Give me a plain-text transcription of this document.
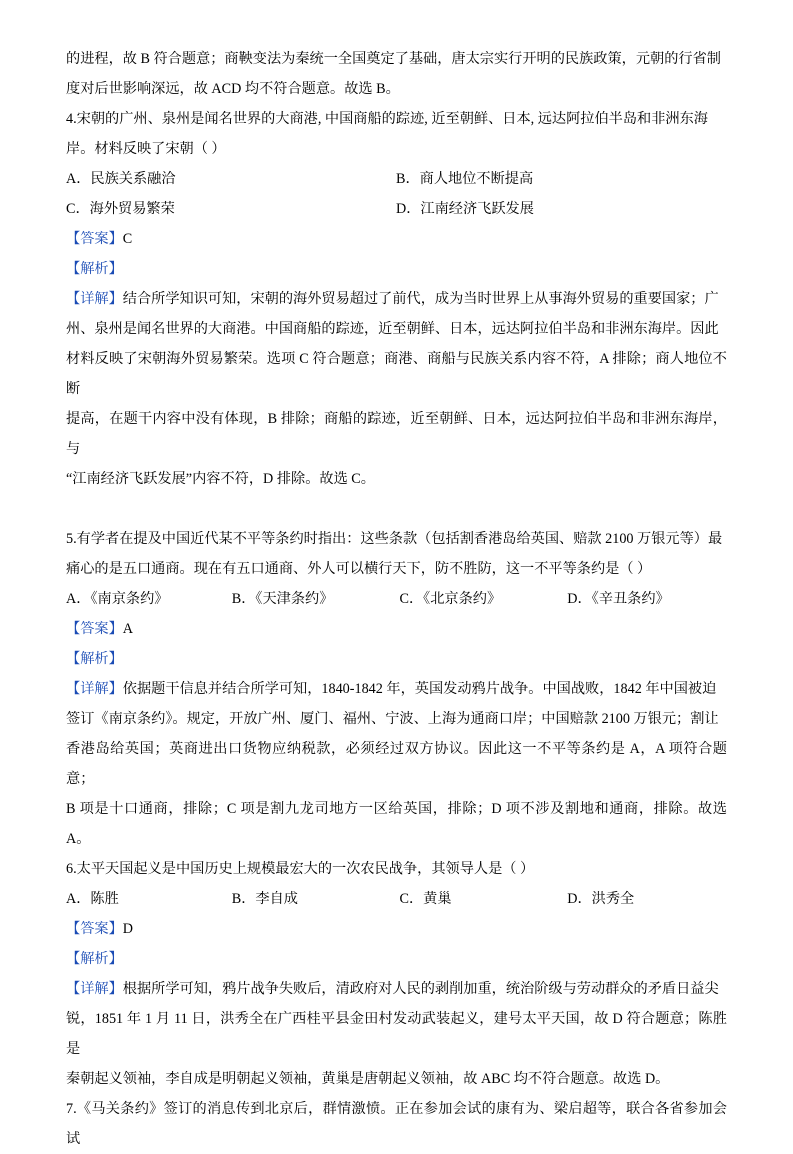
的进程，故 B 符合题意；商鞅变法为秦统一全国奠定了基础，唐太宗实行开明的民族政策，元朝的行省制
度对后世影响深远，故 ACD 均不符合题意。故选 B。
4.宋朝的广州、泉州是闻名世界的大商港, 中国商船的踪迹, 近至朝鲜、日本, 远达阿拉伯半岛和非洲东海
岸。材料反映了宋朝（ ）
A．民族关系融洽	B．商人地位不断提高
C．海外贸易繁荣	D．江南经济飞跃发展
【答案】C
【解析】
【详解】结合所学知识可知，宋朝的海外贸易超过了前代，成为当时世界上从事海外贸易的重要国家；广
州、泉州是闻名世界的大商港。中国商船的踪迹，近至朝鲜、日本，远达阿拉伯半岛和非洲东海岸。因此
材料反映了宋朝海外贸易繁荣。选项 C 符合题意；商港、商船与民族关系内容不符，A 排除；商人地位不断
提高，在题干内容中没有体现，B 排除；商船的踪迹，近至朝鲜、日本，远达阿拉伯半岛和非洲东海岸，与
“江南经济飞跃发展”内容不符，D 排除。故选 C。
5.有学者在提及中国近代某不平等条约时指出：这些条款（包括割香港岛给英国、赔款 2100 万银元等）最
痛心的是五口通商。现在有五口通商、外人可以横行天下，防不胜防，这一不平等条约是（ ）
A．《南京条约》	B．《天津条约》	C．《北京条约》	D．《辛丑条约》
【答案】A
【解析】
【详解】依据题干信息并结合所学可知，1840-1842 年，英国发动鸦片战争。中国战败，1842 年中国被迫
签订《南京条约》。规定，开放广州、厦门、福州、宁波、上海为通商口岸；中国赔款 2100 万银元；割让
香港岛给英国；英商进出口货物应纳税款，必须经过双方协议。因此这一不平等条约是 A，A 项符合题意；
B 项是十口通商，排除；C 项是割九龙司地方一区给英国，排除；D 项不涉及割地和通商，排除。故选 A。
6.太平天国起义是中国历史上规模最宏大的一次农民战争，其领导人是（ ）
A．陈胜	B．李自成	C．黄巢	D．洪秀全
【答案】D
【解析】
【详解】根据所学可知，鸦片战争失败后，清政府对人民的剥削加重，统治阶级与劳动群众的矛盾日益尖
锐，1851 年 1 月 11 日，洪秀全在广西桂平县金田村发动武装起义，建号太平天国，故 D 符合题意；陈胜是
秦朝起义领袖，李自成是明朝起义领袖，黄巢是唐朝起义领袖，故 ABC 均不符合题意。故选 D。
7.《马关条约》签订的消息传到北京后，群情激愤。正在参加会试的康有为、梁启超等，联合各省参加会试
